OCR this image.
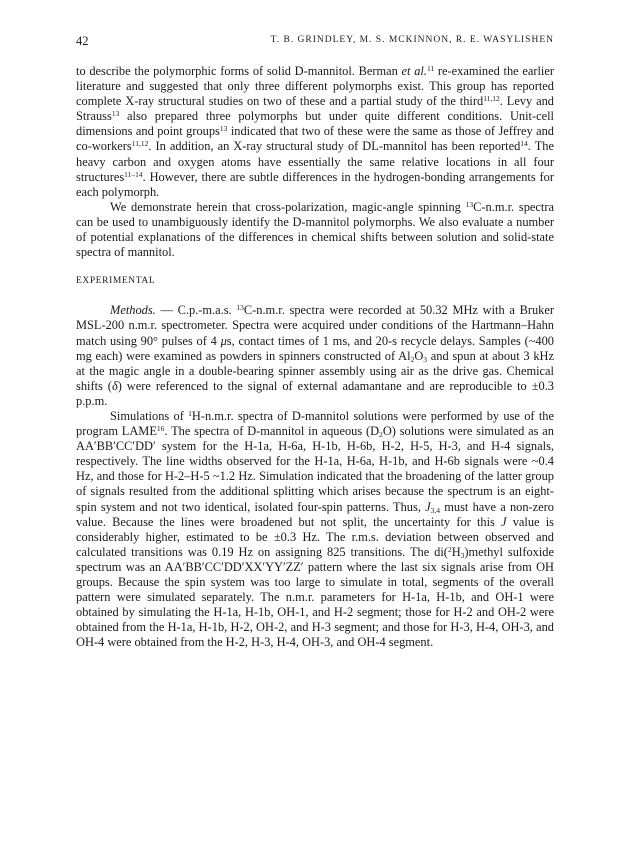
42	T. B. GRINDLEY, M. S. MCKINNON, R. E. WASYLISHEN

to describe the polymorphic forms of solid D-mannitol. Berman et al.$^{11}$ re-examined the earlier literature and suggested that only three different polymorphs exist. This group has reported complete X-ray structural studies on two of these and a partial study of the third$^{11,12}$. Levy and Strauss$^{13}$ also prepared three polymorphs but under quite different conditions. Unit-cell dimensions and point groups$^{13}$ indicated that two of these were the same as those of Jeffrey and co-workers$^{11,12}$. In addition, an X-ray structural study of DL-mannitol has been reported$^{14}$. The heavy carbon and oxygen atoms have essentially the same relative locations in all four structures$^{11-14}$. However, there are subtle differences in the hydrogen-bonding arrangements for each polymorph.

We demonstrate herein that cross-polarization, magic-angle spinning $^{13}$C-n.m.r. spectra can be used to unambiguously identify the D-mannitol polymorphs. We also evaluate a number of potential explanations of the differences in chemical shifts between solution and solid-state spectra of mannitol.

EXPERIMENTAL

Methods. — C.p.-m.a.s. $^{13}$C-n.m.r. spectra were recorded at 50.32 MHz with a Bruker MSL-200 n.m.r. spectrometer. Spectra were acquired under conditions of the Hartmann–Hahn match using 90° pulses of 4 μs, contact times of 1 ms, and 20-s recycle delays. Samples (~400 mg each) were examined as powders in spinners constructed of $Al_2O_3$ and spun at about 3 kHz at the magic angle in a double-bearing spinner assembly using air as the drive gas. Chemical shifts (δ) were referenced to the signal of external adamantane and are reproducible to ±0.3 p.p.m.

Simulations of $^1$H-n.m.r. spectra of D-mannitol solutions were performed by use of the program LAME$^{16}$. The spectra of D-mannitol in aqueous $(D_2O)$ solutions were simulated as an AA′BB′CC′DD′ system for the H-1a, H-6a, H-1b, H-6b, H-2, H-5, H-3, and H-4 signals, respectively. The line widths observed for the H-1a, H-6a, H-1b, and H-6b signals were ~0.4 Hz, and those for H-2–H-5 ~1.2 Hz. Simulation indicated that the broadening of the latter group of signals resulted from the additional splitting which arises because the spectrum is an eight-spin system and not two identical, isolated four-spin patterns. Thus, $J_{3,4}$ must have a non-zero value. Because the lines were broadened but not split, the uncertainty for this J value is considerably higher, estimated to be ±0.3 Hz. The r.m.s. deviation between observed and calculated transitions was 0.19 Hz on assigning 825 transitions. The $di(^2H_3)methyl$ sulfoxide spectrum was an AA′BB′CC′DD′XX′YY′ZZ′ pattern where the last six signals arise from OH groups. Because the spin system was too large to simulate in total, segments of the overall pattern were simulated separately. The n.m.r. parameters for H-1a, H-1b, and OH-1 were obtained by simulating the H-1a, H-1b, OH-1, and H-2 segment; those for H-2 and OH-2 were obtained from the H-1a, H-1b, H-2, OH-2, and H-3 segment; and those for H-3, H-4, OH-3, and OH-4 were obtained from the H-2, H-3, H-4, OH-3, and OH-4 segment.
